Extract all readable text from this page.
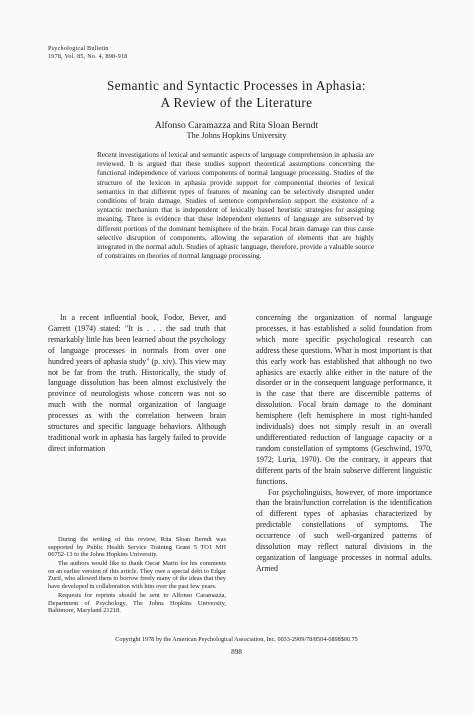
Psychological Bulletin
1978, Vol. 85, No. 4, 898-918
Semantic and Syntactic Processes in Aphasia:
A Review of the Literature
Alfonso Caramazza and Rita Sloan Berndt
The Johns Hopkins University
Recent investigations of lexical and semantic aspects of language comprehension in aphasia are reviewed. It is argued that these studies support theoretical assumptions concerning the functional independence of various components of normal language processing. Studies of the structure of the lexicon in aphasia provide support for componential theories of lexical semantics in that different types of features of meaning can be selectively disrupted under conditions of brain damage. Studies of sentence comprehension support the existence of a syntactic mechanism that is independent of lexically based heuristic strategies for assigning meaning. There is evidence that these independent elements of language are subserved by different portions of the dominant hemisphere of the brain. Focal brain damage can thus cause selective disruption of components, allowing the separation of elements that are highly integrated in the normal adult. Studies of aphasic language, therefore, provide a valuable source of constraints on theories of normal language processing.

In a recent influential book, Fodor, Bever, and Garrett (1974) stated: "It is . . . the sad truth that remarkably little has been learned about the psychology of language processes in normals from over one hundred years of aphasia study" (p. xiv). This view may not be far from the truth. Historically, the study of language dissolution has been almost exclusively the province of neurologists whose concern was not so much with the normal organization of language processes as with the correlation between brain structures and specific language behaviors. Although traditional work in aphasia has largely failed to provide direct information

concerning the organization of normal language processes, it has established a solid foundation from which more specific psychological research can address these questions. What is most important is that this early work has established that although no two aphasics are exactly alike either in the nature of the disorder or in the consequent language performance, it is the case that there are discernible patterns of dissolution. Focal brain damage to the dominant hemisphere (left hemisphere in most right-handed individuals) does not simply result in an overall undifferentiated reduction of language capacity or a random constellation of symptoms (Geschwind, 1970, 1972; Luria, 1970). On the contrary, it appears that different parts of the brain subserve different linguistic functions.

For psycholinguists, however, of more importance than the brain/function correlation is the identification of different types of aphasias characterized by predictable constellations of symptoms. The occurrence of such well-organized patterns of dissolution may reflect natural divisions in the organization of language processes in normal adults. Armed

During the writing of this review, Rita Sloan Berndt was supported by Public Health Service Training Grant 5 TO1 MH 06752-13 to the Johns Hopkins University.

The authors would like to thank Oscar Marin for his comments on an earlier version of this article. They owe a special debt to Edgar Zurif, who allowed them to borrow freely many of the ideas that they have developed in collaboration with him over the past few years.

Requests for reprints should be sent to Alfonso Caramazza, Department of Psychology, The Johns Hopkins University, Baltimore, Maryland 21218.

Copyright 1978 by the American Psychological Association, Inc. 0033-2909/78/8504-0898$00.75
898
